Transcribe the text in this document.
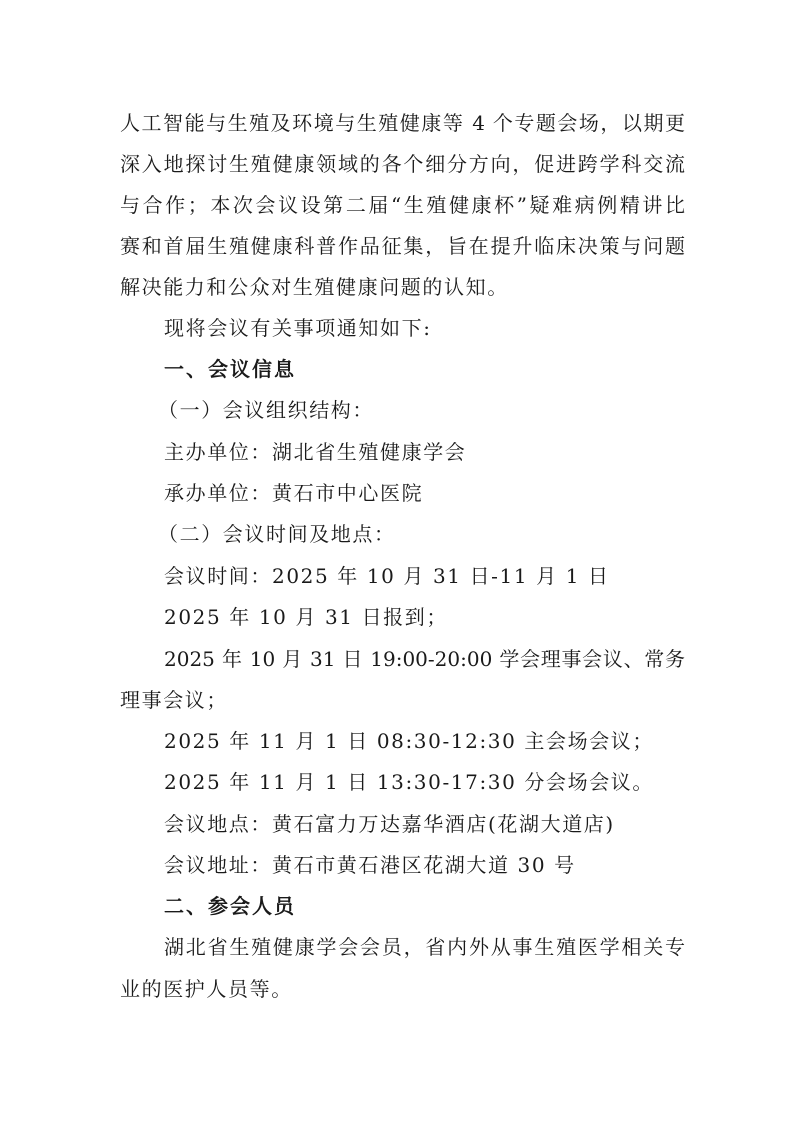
人工智能与生殖及环境与生殖健康等 4 个专题会场，以期更
深入地探讨生殖健康领域的各个细分方向，促进跨学科交流
与合作；本次会议设第二届“生殖健康杯”疑难病例精讲比
赛和首届生殖健康科普作品征集，旨在提升临床决策与问题
解决能力和公众对生殖健康问题的认知。
现将会议有关事项通知如下:
一、会议信息
（一）会议组织结构：
主办单位：湖北省生殖健康学会
承办单位：黄石市中心医院
（二）会议时间及地点：
会议时间：2025 年 10 月 31 日-11 月 1 日
2025 年 10 月 31 日报到；
2025 年 10 月 31 日 19:00-20:00 学会理事会议、常务
理事会议；
2025 年 11 月 1 日 08:30-12:30 主会场会议；
2025 年 11 月 1 日 13:30-17:30 分会场会议。
会议地点：黄石富力万达嘉华酒店(花湖大道店)
会议地址：黄石市黄石港区花湖大道 30 号
二、参会人员
湖北省生殖健康学会会员，省内外从事生殖医学相关专
业的医护人员等。
